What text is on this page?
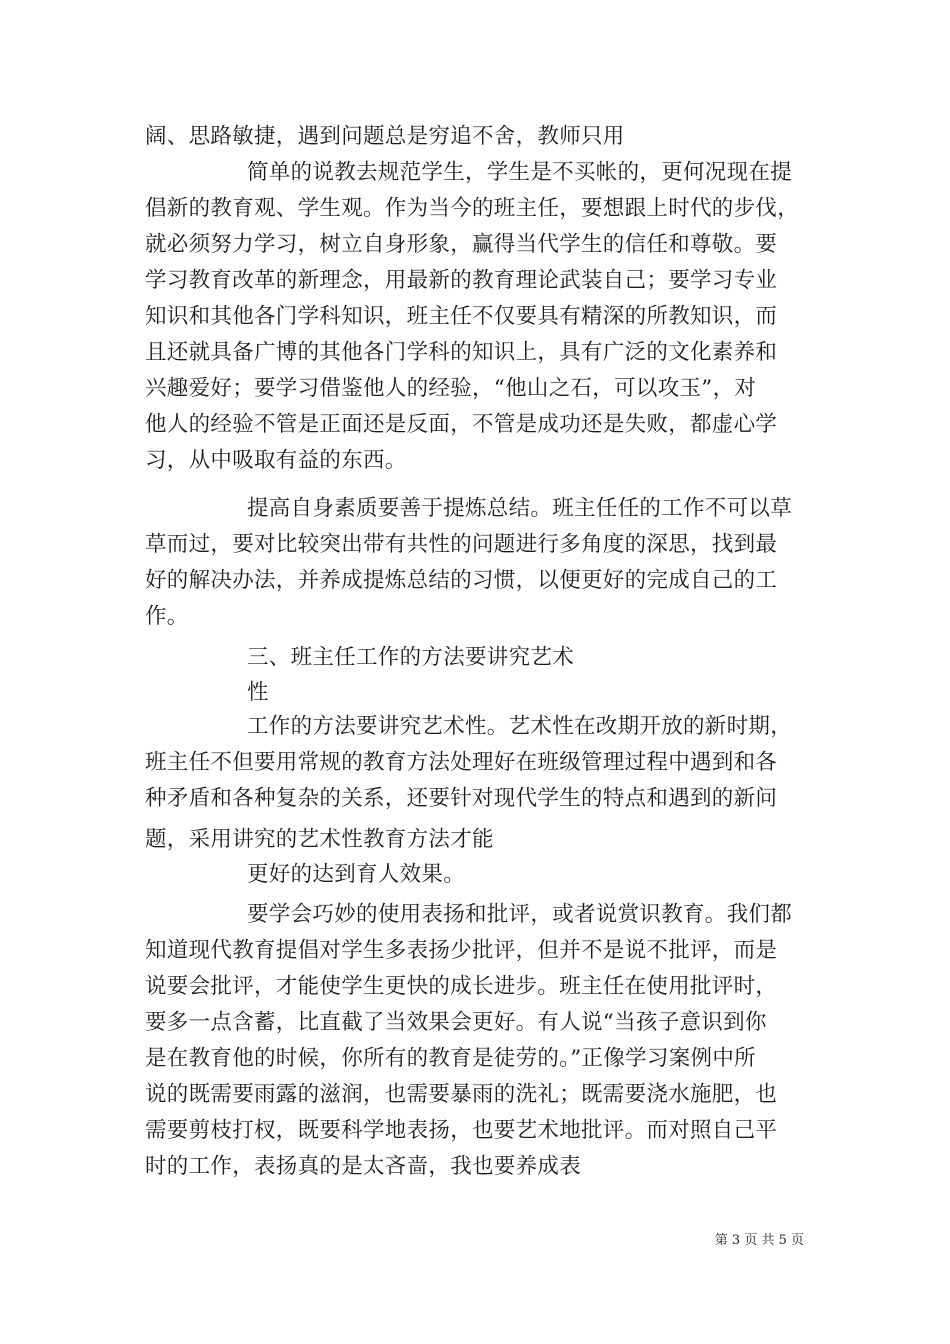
阔、思路敏捷，遇到问题总是穷追不舍，教师只用
简单的说教去规范学生，学生是不买帐的，更何况现在提
倡新的教育观、学生观。作为当今的班主任，要想跟上时代的步伐，
就必须努力学习，树立自身形象，赢得当代学生的信任和尊敬。要
学习教育改革的新理念，用最新的教育理论武装自己；要学习专业
知识和其他各门学科知识，班主任不仅要具有精深的所教知识，而
且还就具备广博的其他各门学科的知识上，具有广泛的文化素养和
兴趣爱好；要学习借鉴他人的经验，“他山之石，可以攻玉”，对
他人的经验不管是正面还是反面，不管是成功还是失败，都虚心学
习，从中吸取有益的东西。
提高自身素质要善于提炼总结。班主任任的工作不可以草
草而过，要对比较突出带有共性的问题进行多角度的深思，找到最
好的解决办法，并养成提炼总结的习惯，以便更好的完成自己的工
作。
三、班主任工作的方法要讲究艺术
性
工作的方法要讲究艺术性。艺术性在改期开放的新时期，
班主任不但要用常规的教育方法处理好在班级管理过程中遇到和各
种矛盾和各种复杂的关系，还要针对现代学生的特点和遇到的新问
题，采用讲究的艺术性教育方法才能
更好的达到育人效果。
要学会巧妙的使用表扬和批评，或者说赏识教育。我们都
知道现代教育提倡对学生多表扬少批评，但并不是说不批评，而是
说要会批评，才能使学生更快的成长进步。班主任在使用批评时，
要多一点含蓄，比直截了当效果会更好。有人说“当孩子意识到你
是在教育他的时候，你所有的教育是徒劳的。”正像学习案例中所
说的既需要雨露的滋润，也需要暴雨的洗礼；既需要浇水施肥，也
需要剪枝打杈，既要科学地表扬，也要艺术地批评。而对照自己平
时的工作，表扬真的是太吝啬，我也要养成表
第 3 页 共 5 页
